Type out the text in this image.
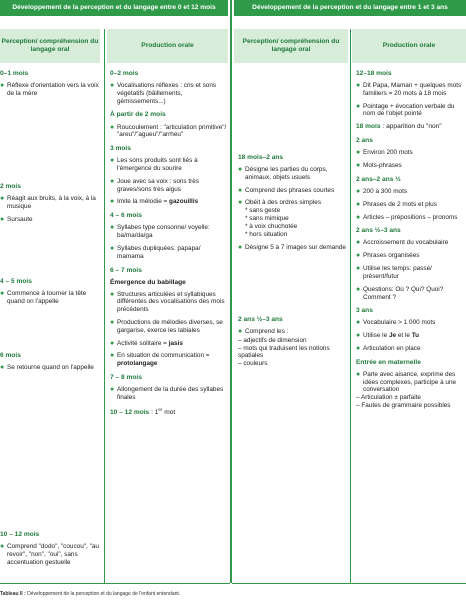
Développement de la perception et du langage entre 0 et 12 mois	Développement de la perception et du langage entre 1 et 3 ans
Perception/ compréhension du langage oral
Production orale
Perception/ compréhension du langage oral
Production orale
0–1 mois
● Réflexe d'orientation vers la voix de la mère
2 mois
● Réagit aux bruits, à la voix, à la musique
● Sursaute
4 – 5 mois
● Commence à tourner la tête quand on l'appelle
6 mois
● Se retourne quand on l'appelle
10 – 12 mois
● Comprend "dodo", "coucou", "au revoir", "non", "oui", sans accentuation gestuelle
0–2 mois
● Vocalisations réflexes : cris et sons végétatifs (bâillements, gémissements...)
À partir de 2 mois
● Roucoulement : "articulation primitive"/ "areu"/"agueu"/"arrheu"
3 mois
● Les sons produits sont liés à l'émergence du sourire
● Joue avec sa voix : sons très graves/sons très aigus
● Imite la mélodie = gazouillis
4 – 6 mois
● Syllabes type consonne/ voyelle: ba/ma/da/ga
● Syllabes dupliquées: papapa/ mamama
6 – 7 mois
Émergence du babillage
● Structures articulées et syllabiques différentes des vocalisations des mois précédents
● Productions de mélodies diverses, se gargarise, exerce les labiales
● Activité solitaire = jasis
● En situation de communication = protolangage
7 – 8 mois
● Allongement de la durée des syllabes finales
10 – 12 mois : 1er mot
18 mois–2 ans
● Désigne les parties du corps, animaux, objets usuels
● Comprend des phrases courtes
● Obéit à des ordres simples
* sans geste
* sans mimique
* à voix chuchotée
* hors situation
● Désigne 5 à 7 images sur demande
2 ans ½–3 ans
● Comprend les :
– adjectifs de dimension
– mots qui traduisent les notions spatiales
– couleurs
12–18 mois
● Dit Papa, Maman + quelques mots familiers = 20 mots à 18 mois
● Pointage + évocation verbale du nom de l'objet pointé
18 mois : apparition du "non"
2 ans
● Environ 200 mots
● Mots-phrases
2 ans–2 ans ½
● 200 à 300 mots
● Phrases de 2 mots et plus
● Articles – prépositions – pronoms
2 ans ½–3 ans
● Accroissement du vocabulaire
● Phrases organisées
● Utilise les temps: passé/ présent/futur
● Questions: Où ? Qui? Quoi? Comment ?
3 ans
● Vocabulaire > 1 000 mots
● Utilise le Je et le Tu
● Articulation en place
Entrée en maternelle
● Parle avec aisance, exprime des idées complexes, participe à une conversation
– Articulation ± parfaite
– Fautes de grammaire possibles
Tableau II : Développement de la perception et du langage de l'enfant entendant.
